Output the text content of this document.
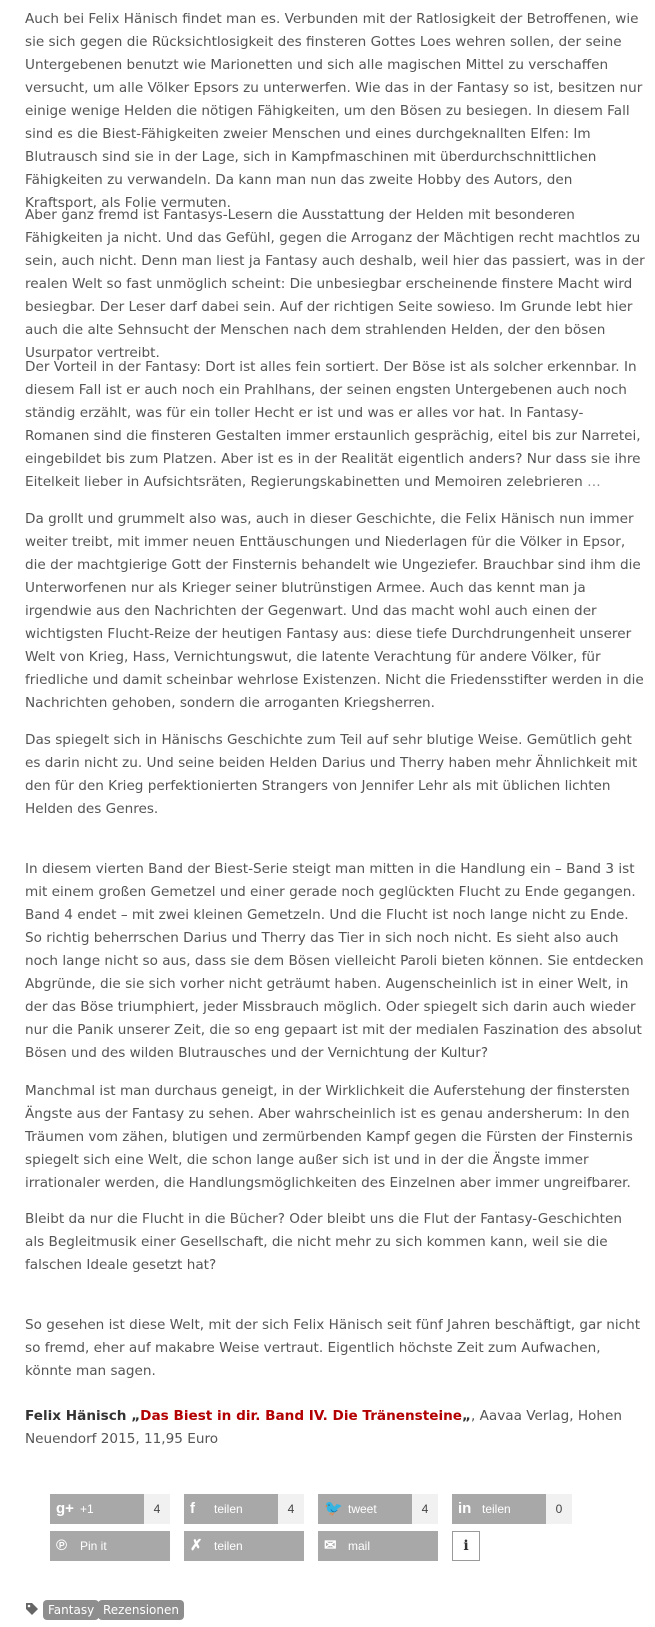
Auch bei Felix Hänisch findet man es. Verbunden mit der Ratlosigkeit der Betroffenen, wie sie sich gegen die Rücksichtlosigkeit des finsteren Gottes Loes wehren sollen, der seine Untergebenen benutzt wie Marionetten und sich alle magischen Mittel zu verschaffen versucht, um alle Völker Epsors zu unterwerfen. Wie das in der Fantasy so ist, besitzen nur einige wenige Helden die nötigen Fähigkeiten, um den Bösen zu besiegen. In diesem Fall sind es die Biest-Fähigkeiten zweier Menschen und eines durchgeknallten Elfen: Im Blutrausch sind sie in der Lage, sich in Kampfmaschinen mit überdurchschnittlichen Fähigkeiten zu verwandeln. Da kann man nun das zweite Hobby des Autors, den Kraftsport, als Folie vermuten.

Aber ganz fremd ist Fantasys-Lesern die Ausstattung der Helden mit besonderen Fähigkeiten ja nicht. Und das Gefühl, gegen die Arroganz der Mächtigen recht machtlos zu sein, auch nicht. Denn man liest ja Fantasy auch deshalb, weil hier das passiert, was in der realen Welt so fast unmöglich scheint: Die unbesiegbar erscheinende finstere Macht wird besiegbar. Der Leser darf dabei sein. Auf der richtigen Seite sowieso. Im Grunde lebt hier auch die alte Sehnsucht der Menschen nach dem strahlenden Helden, der den bösen Usurpator vertreibt.

Der Vorteil in der Fantasy: Dort ist alles fein sortiert. Der Böse ist als solcher erkennbar. In diesem Fall ist er auch noch ein Prahlhans, der seinen engsten Untergebenen auch noch ständig erzählt, was für ein toller Hecht er ist und was er alles vor hat. In Fantasy-Romanen sind die finsteren Gestalten immer erstaunlich gesprächig, eitel bis zur Narretei, eingebildet bis zum Platzen. Aber ist es in der Realität eigentlich anders? Nur dass sie ihre Eitelkeit lieber in Aufsichtsräten, Regierungskabinetten und Memoiren zelebrieren …

Da grollt und grummelt also was, auch in dieser Geschichte, die Felix Hänisch nun immer weiter treibt, mit immer neuen Enttäuschungen und Niederlagen für die Völker in Epsor, die der machtgierige Gott der Finsternis behandelt wie Ungeziefer. Brauchbar sind ihm die Unterworfenen nur als Krieger seiner blutrünstigen Armee. Auch das kennt man ja irgendwie aus den Nachrichten der Gegenwart. Und das macht wohl auch einen der wichtigsten Flucht-Reize der heutigen Fantasy aus: diese tiefe Durchdrungenheit unserer Welt von Krieg, Hass, Vernichtungswut, die latente Verachtung für andere Völker, für friedliche und damit scheinbar wehrlose Existenzen. Nicht die Friedensstifter werden in die Nachrichten gehoben, sondern die arroganten Kriegsherren.

Das spiegelt sich in Hänischs Geschichte zum Teil auf sehr blutige Weise. Gemütlich geht es darin nicht zu. Und seine beiden Helden Darius und Therry haben mehr Ähnlichkeit mit den für den Krieg perfektionierten Strangers von Jennifer Lehr als mit üblichen lichten Helden des Genres.

In diesem vierten Band der Biest-Serie steigt man mitten in die Handlung ein – Band 3 ist mit einem großen Gemetzel und einer gerade noch geglückten Flucht zu Ende gegangen. Band 4 endet – mit zwei kleinen Gemetzeln. Und die Flucht ist noch lange nicht zu Ende. So richtig beherrschen Darius und Therry das Tier in sich noch nicht. Es sieht also auch noch lange nicht so aus, dass sie dem Bösen vielleicht Paroli bieten können. Sie entdecken Abgründe, die sie sich vorher nicht geträumt haben. Augenscheinlich ist in einer Welt, in der das Böse triumphiert, jeder Missbrauch möglich. Oder spiegelt sich darin auch wieder nur die Panik unserer Zeit, die so eng gepaart ist mit der medialen Faszination des absolut Bösen und des wilden Blutrausches und der Vernichtung der Kultur?

Manchmal ist man durchaus geneigt, in der Wirklichkeit die Auferstehung der finstersten Ängste aus der Fantasy zu sehen. Aber wahrscheinlich ist es genau andersherum: In den Träumen vom zähen, blutigen und zermürbenden Kampf gegen die Fürsten der Finsternis spiegelt sich eine Welt, die schon lange außer sich ist und in der die Ängste immer irrationaler werden, die Handlungsmöglichkeiten des Einzelnen aber immer ungreifbarer.

Bleibt da nur die Flucht in die Bücher? Oder bleibt uns die Flut der Fantasy-Geschichten als Begleitmusik einer Gesellschaft, die nicht mehr zu sich kommen kann, weil sie die falschen Ideale gesetzt hat?

So gesehen ist diese Welt, mit der sich Felix Hänisch seit fünf Jahren beschäftigt, gar nicht so fremd, eher auf makabre Weise vertraut. Eigentlich höchste Zeit zum Aufwachen, könnte man sagen.

Felix Hänisch „Das Biest in dir. Band IV. Die Tränensteine„, Aavaa Verlag, Hohen Neuendorf 2015, 11,95 Euro

g+ +1	4	f teilen	4	🐦 tweet	4	in teilen	0
℗ Pin it	✗ teilen	✉ mail	i
Fantasy Rezensionen
